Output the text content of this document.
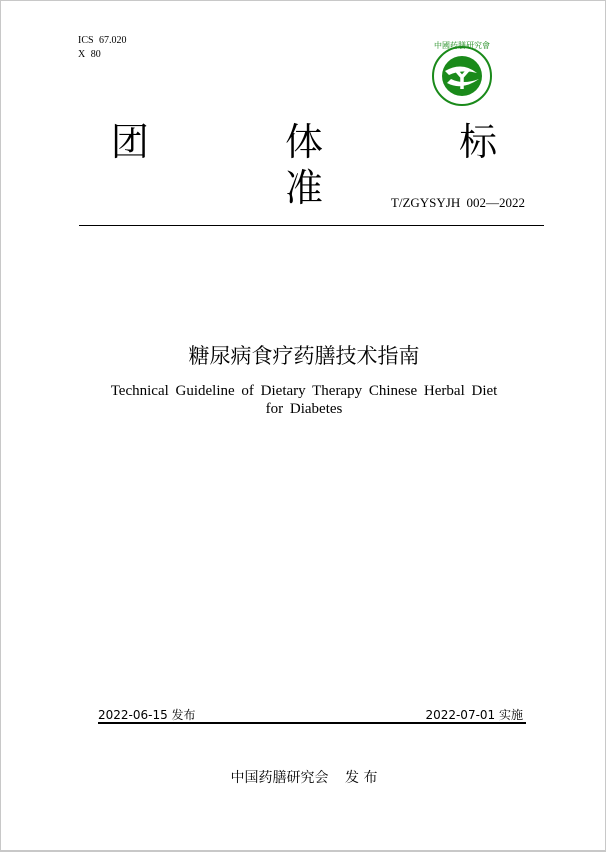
ICS 67.020
X 80
中國药膳研究會
团 体 标 准 T/ZGYSYJH 002—2022
糖尿病食疗药膳技术指南
Technical Guideline of Dietary Therapy Chinese Herbal Diet
for Diabetes
2022-06-15 发布	2022-07-01 实施
中国药膳研究会 发 布
